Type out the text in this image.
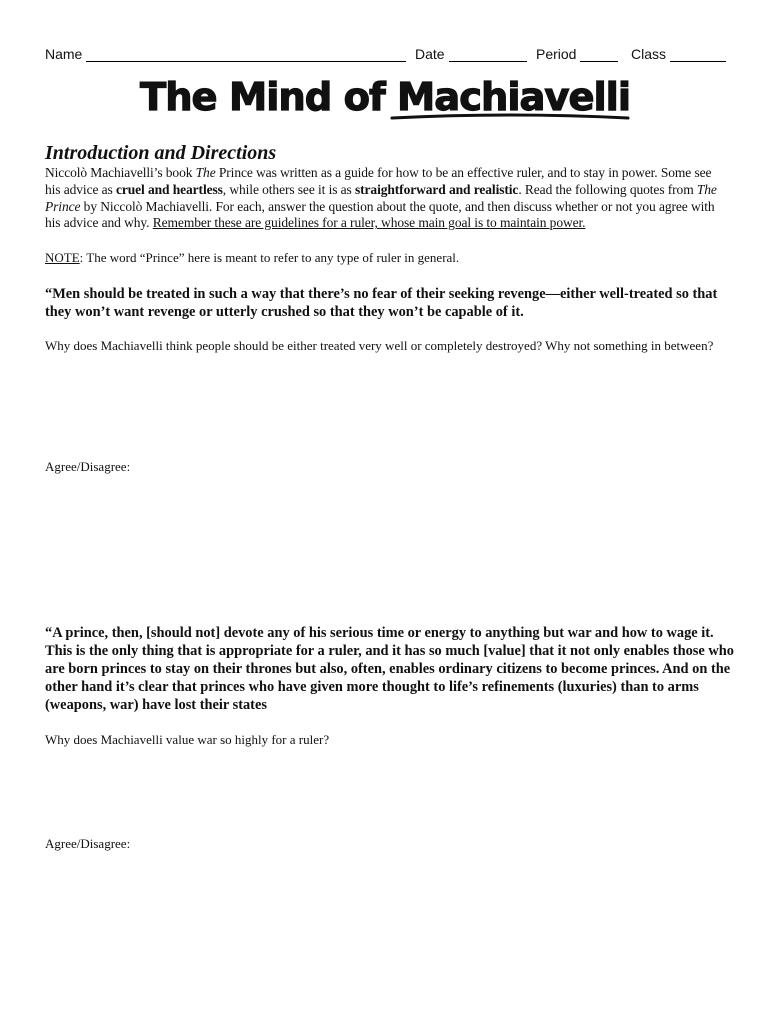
Name	Date	Period	Class
The Mind of Machiavelli
Introduction and Directions
Niccolò Machiavelli’s book The Prince was written as a guide for how to be an effective ruler, and to stay in power. Some see his advice as cruel and heartless, while others see it is as straightforward and realistic. Read the following quotes from The Prince by Niccolò Machiavelli. For each, answer the question about the quote, and then discuss whether or not you agree with his advice and why. Remember these are guidelines for a ruler, whose main goal is to maintain power.
NOTE: The word “Prince” here is meant to refer to any type of ruler in general.
“Men should be treated in such a way that there’s no fear of their seeking revenge—either well-treated so that they won’t want revenge or utterly crushed so that they won’t be capable of it.
Why does Machiavelli think people should be either treated very well or completely destroyed? Why not something in between?
Agree/Disagree:
“A prince, then, [should not] devote any of his serious time or energy to anything but war and how to wage it. This is the only thing that is appropriate for a ruler, and it has so much [value] that it not only enables those who are born princes to stay on their thrones but also, often, enables ordinary citizens to become princes. And on the other hand it’s clear that princes who have given more thought to life’s refinements (luxuries) than to arms (weapons, war) have lost their states
Why does Machiavelli value war so highly for a ruler?
Agree/Disagree:
